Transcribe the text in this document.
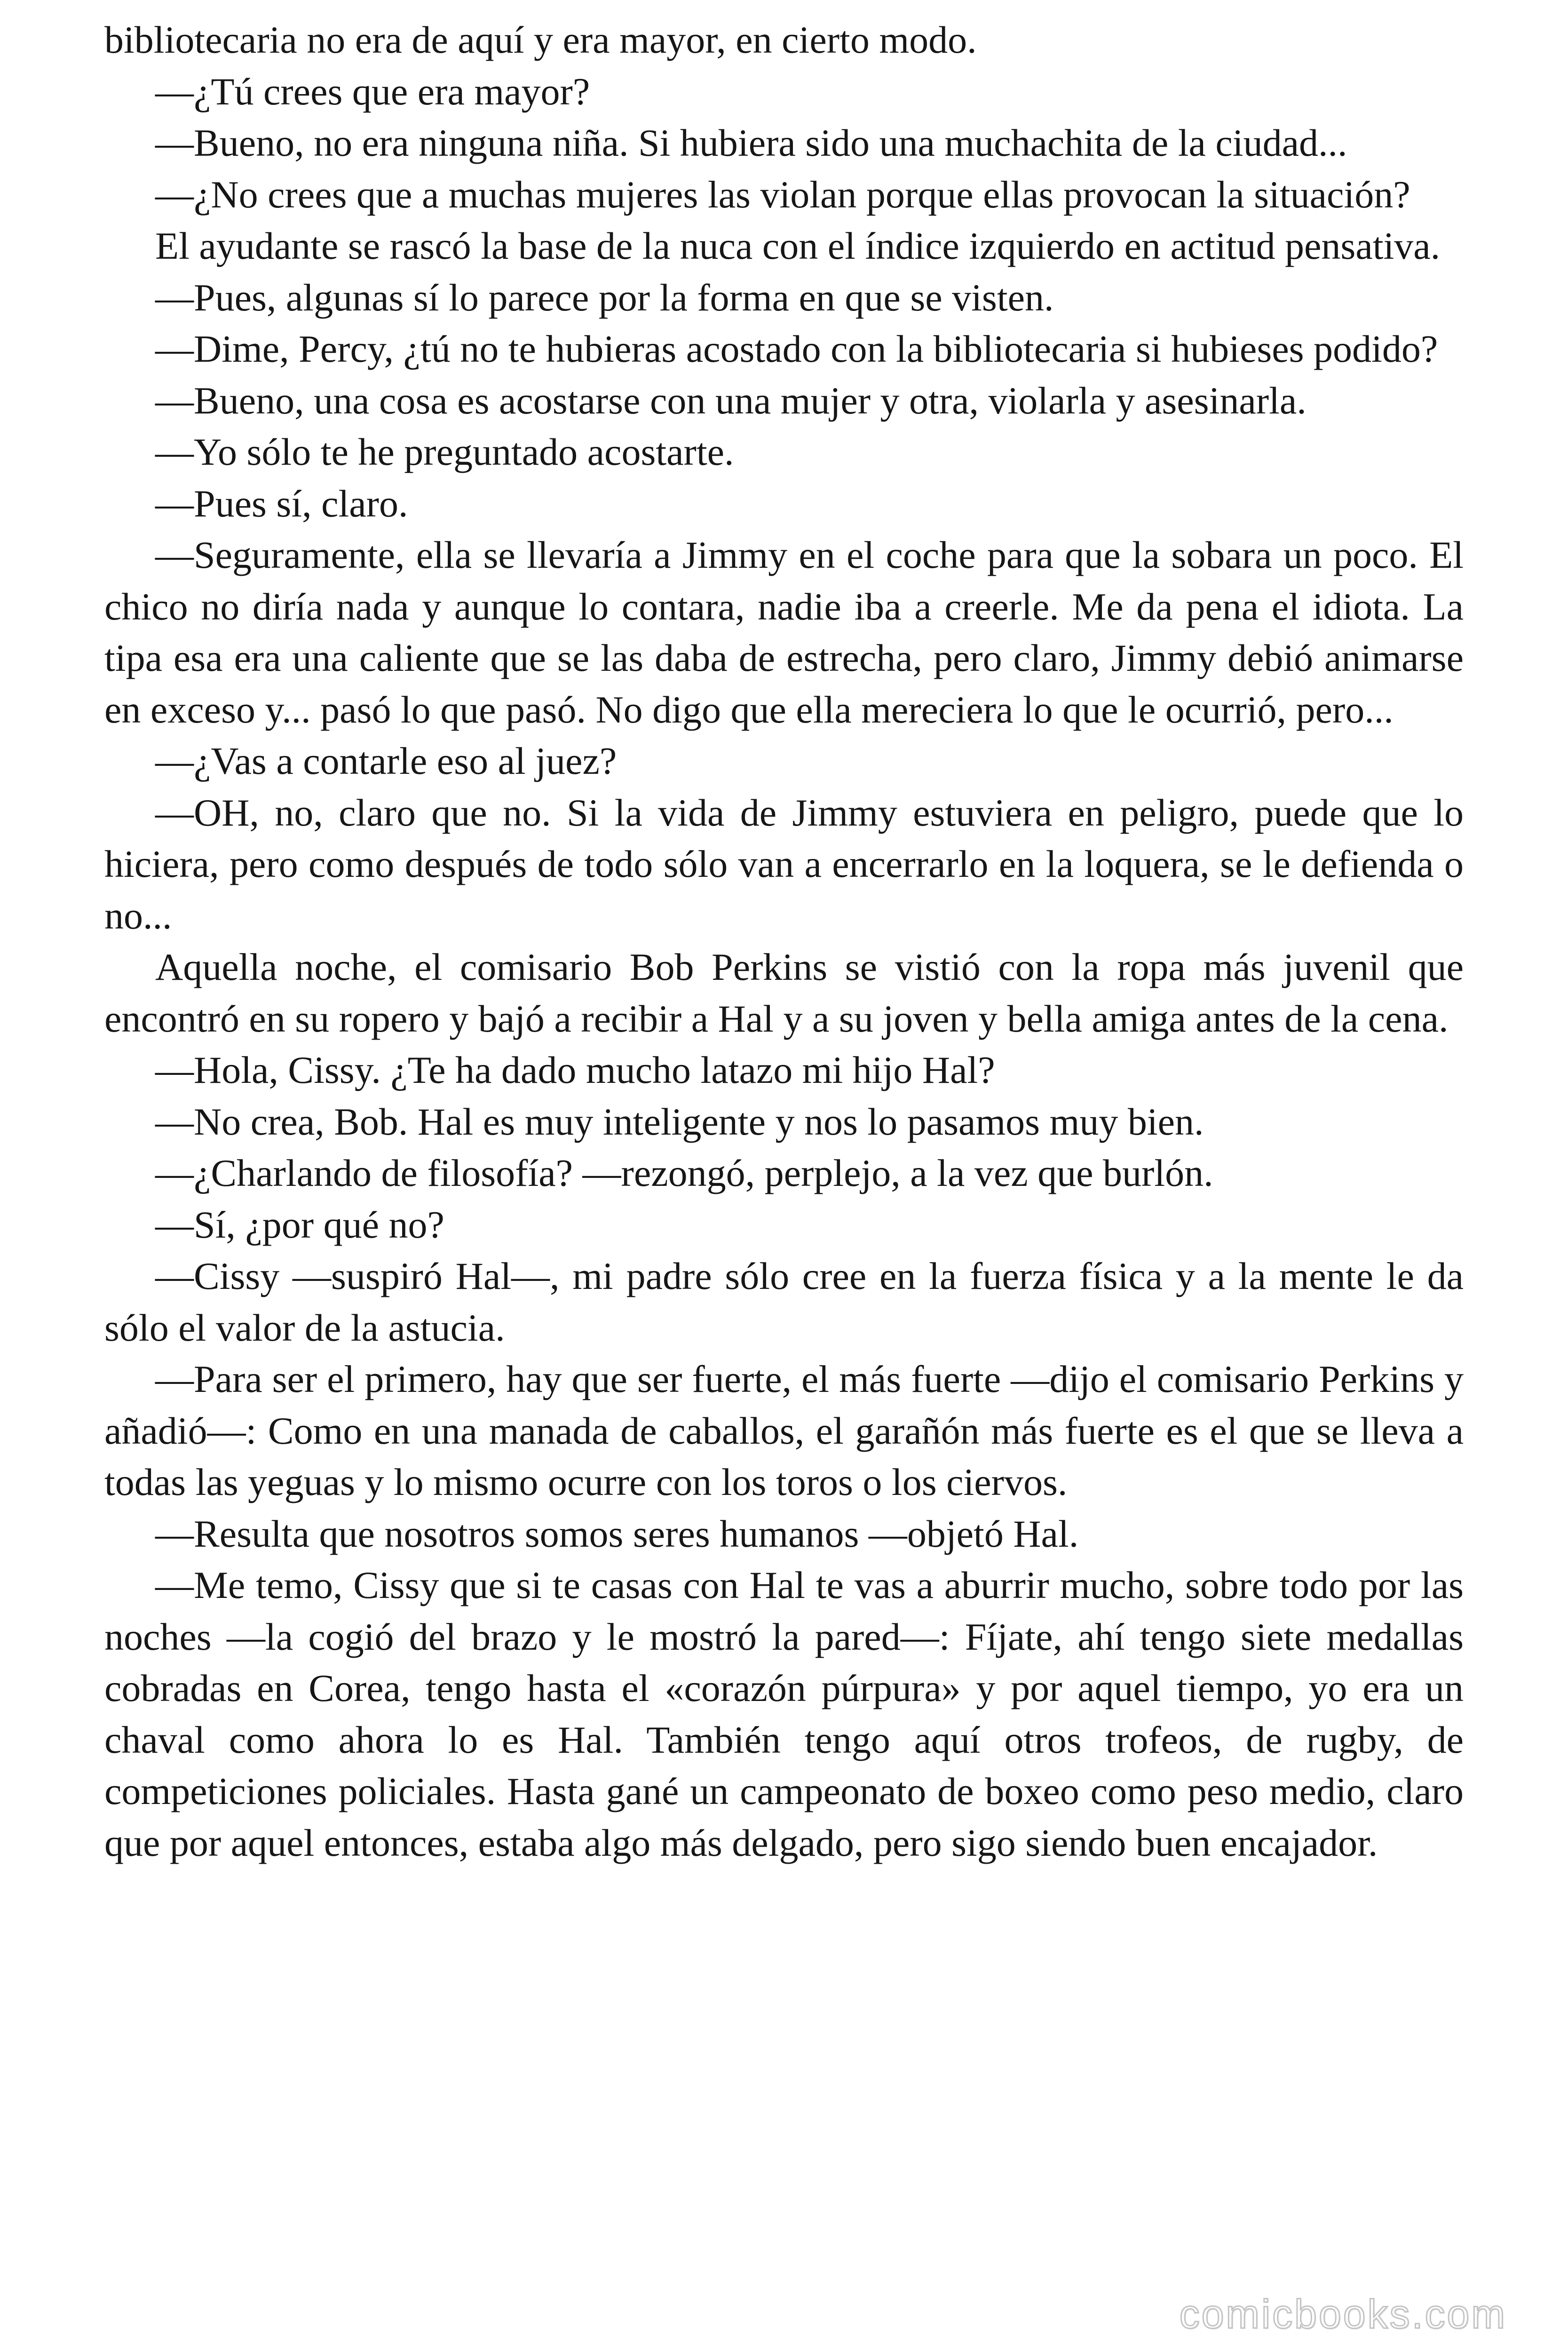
bibliotecaria no era de aquí y era mayor, en cierto modo.

—¿Tú crees que era mayor?

—Bueno, no era ninguna niña. Si hubiera sido una muchachita de la ciudad...

—¿No crees que a muchas mujeres las violan porque ellas provocan la situación?

El ayudante se rascó la base de la nuca con el índice izquierdo en actitud pensativa.

—Pues, algunas sí lo parece por la forma en que se visten.

—Dime, Percy, ¿tú no te hubieras acostado con la bibliotecaria si hubieses podido?

—Bueno, una cosa es acostarse con una mujer y otra, violarla y asesinarla.

—Yo sólo te he preguntado acostarte.

—Pues sí, claro.

—Seguramente, ella se llevaría a Jimmy en el coche para que la sobara un poco. El chico no diría nada y aunque lo contara, nadie iba a creerle. Me da pena el idiota. La tipa esa era una caliente que se las daba de estrecha, pero claro, Jimmy debió animarse en exceso y... pasó lo que pasó. No digo que ella mereciera lo que le ocurrió, pero...

—¿Vas a contarle eso al juez?

—OH, no, claro que no. Si la vida de Jimmy estuviera en peligro, puede que lo hiciera, pero como después de todo sólo van a encerrarlo en la loquera, se le defienda o no...

Aquella noche, el comisario Bob Perkins se vistió con la ropa más juvenil que encontró en su ropero y bajó a recibir a Hal y a su joven y bella amiga antes de la cena.

—Hola, Cissy. ¿Te ha dado mucho latazo mi hijo Hal?

—No crea, Bob. Hal es muy inteligente y nos lo pasamos muy bien.

—¿Charlando de filosofía? —rezongó, perplejo, a la vez que burlón.

—Sí, ¿por qué no?

—Cissy —suspiró Hal—, mi padre sólo cree en la fuerza física y a la mente le da sólo el valor de la astucia.

—Para ser el primero, hay que ser fuerte, el más fuerte —dijo el comisario Perkins y añadió—: Como en una manada de caballos, el garañón más fuerte es el que se lleva a todas las yeguas y lo mismo ocurre con los toros o los ciervos.

—Resulta que nosotros somos seres humanos —objetó Hal.

—Me temo, Cissy que si te casas con Hal te vas a aburrir mucho, sobre todo por las noches —la cogió del brazo y le mostró la pared—: Fíjate, ahí tengo siete medallas cobradas en Corea, tengo hasta el «corazón púrpura» y por aquel tiempo, yo era un chaval como ahora lo es Hal. También tengo aquí otros trofeos, de rugby, de competiciones policiales. Hasta gané un campeonato de boxeo como peso medio, claro que por aquel entonces, estaba algo más delgado, pero sigo siendo buen encajador.

comicbooks.com
